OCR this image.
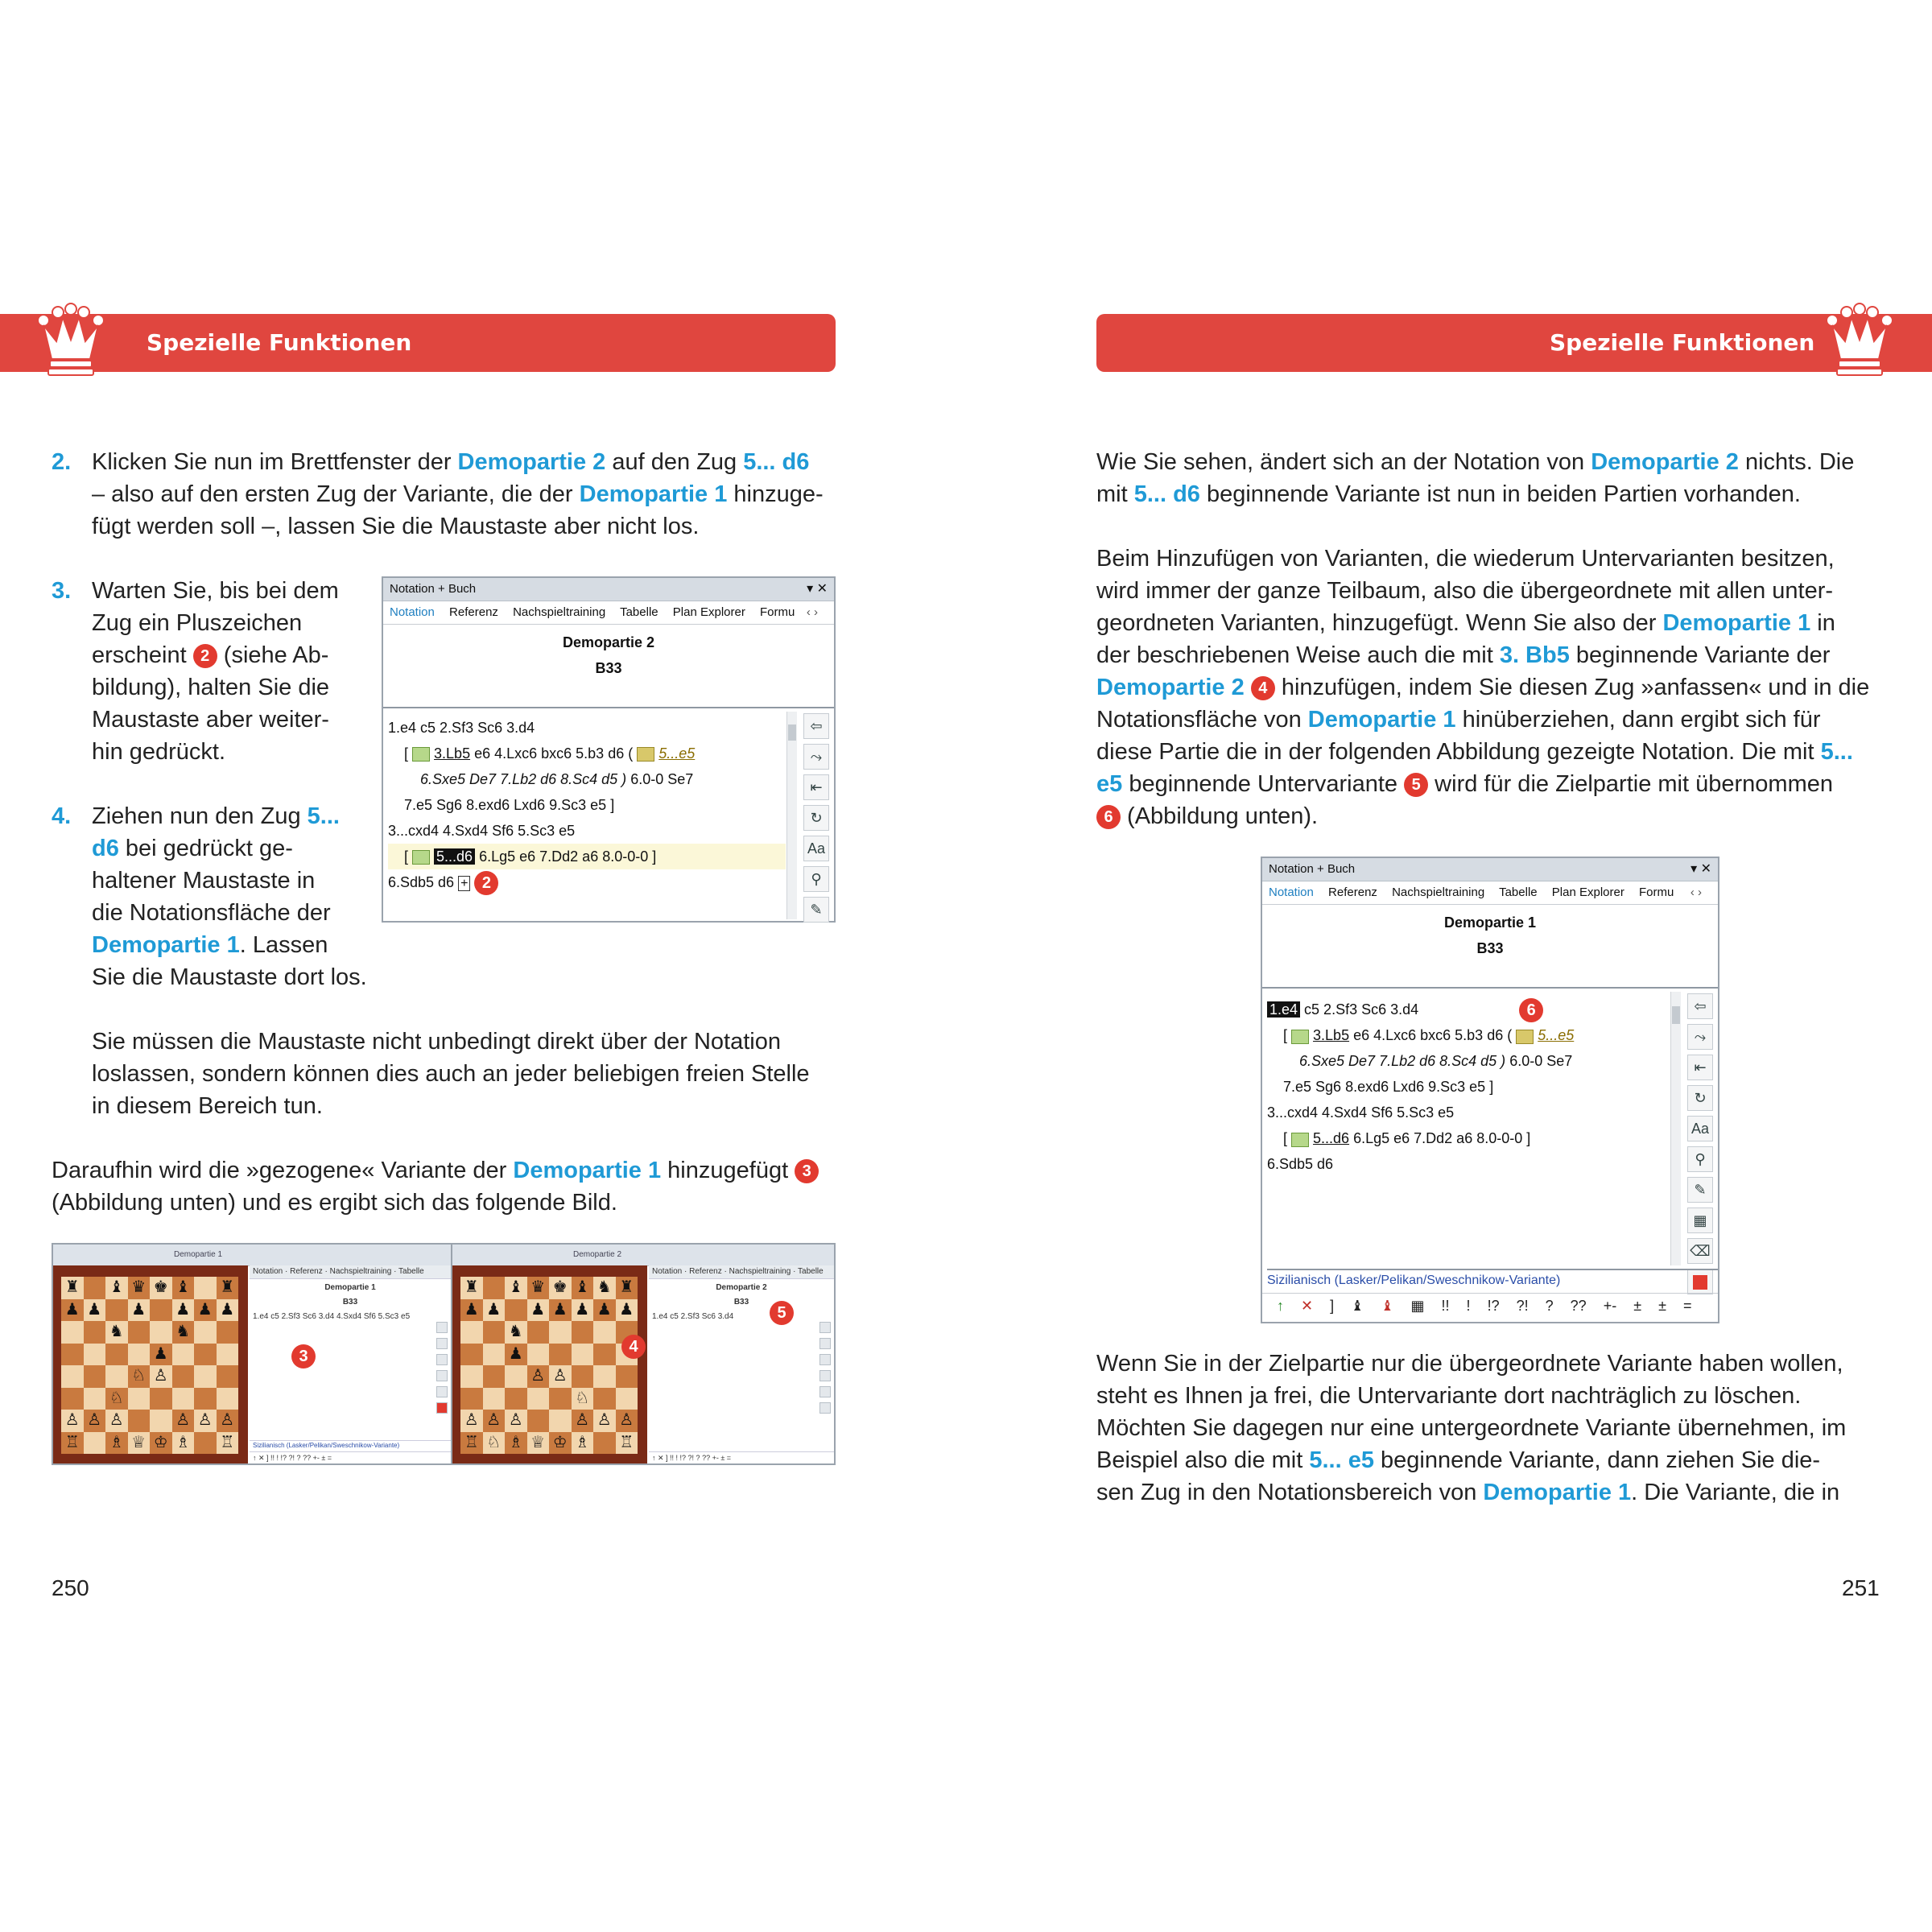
Spezielle Funktionen	Spezielle Funktionen
2. Klicken Sie nun im Brettfenster der Demopartie 2 auf den Zug 5... d6
– also auf den ersten Zug der Variante, die der Demopartie 1 hinzuge-
fügt werden soll –, lassen Sie die Maustaste aber nicht los.
3. Warten Sie, bis bei dem
Zug ein Pluszeichen
erscheint 2 (siehe Ab-
bildung), halten Sie die
Maustaste aber weiter-
hin gedrückt.
4. Ziehen nun den Zug 5...
d6 bei gedrückt ge-
haltener Maustaste in
die Notationsfläche der
Demopartie 1. Lassen
Sie die Maustaste dort los.
Sie müssen die Maustaste nicht unbedingt direkt über der Notation
loslassen, sondern können dies auch an jeder beliebigen freien Stelle
in diesem Bereich tun.
Daraufhin wird die »gezogene« Variante der Demopartie 1 hinzugefügt 3
(Abbildung unten) und es ergibt sich das folgende Bild.
Notation + Buch	▾ ✕
Notation Referenz Nachspieltraining Tabelle Plan Explorer Formu ‹ ›
Demopartie 2
B33
1.e4 c5 2.Sf3 Sc6 3.d4
[  3.Lb5 e6 4.Lxc6 bxc6 5.b3 d6 (  5...e5
6.Sxe5 De7 7.Lb2 d6 8.Sc4 d5 ) 6.0-0 Se7
7.e5 Sg6 8.exd6 Lxd6 9.Sc3 e5 ]
3...cxd4 4.Sxd4 Sf6 5.Sc3 e5
[  5...d6 6.Lg5 e6 7.Dd2 a6 8.0-0-0 ]
6.Sdb5 d6 + 2
⇦
⤳
⇤
↻
Aa
⚲
✎
Demopartie 1
♜ ♝ ♛ ♚ ♝ ♜
♟ ♟ ♟ ♟ ♟ ♟
♞	♞
♟
♘ ♙
♘
♙ ♙ ♙	♙ ♙ ♙
♖ ♗ ♕ ♔ ♗ ♖
Notation · Referenz · Nachspieltraining · Tabelle
Demopartie 1
B33
1.e4 c5 2.Sf3 Sc6 3.d4 4.Sxd4 Sf6 5.Sc3 e5
3
Sizilianisch (Lasker/Pelikan/Sweschnikow-Variante)
↑ ✕ ] !! ! !? ?! ? ?? +- ± =
Demopartie 2
♜ ♝ ♛ ♚ ♝ ♞ ♜
♟ ♟ ♟ ♟ ♟ ♟ ♟
♞
♟
♙ ♙
♘
♙ ♙ ♙	♙ ♙ ♙
♖ ♘ ♗ ♕ ♔ ♗ ♖
4
Notation · Referenz · Nachspieltraining · Tabelle
Demopartie 2
B33
5
1.e4 c5 2.Sf3 Sc6 3.d4
↑ ✕ ] !! ! !? ?! ? ?? +- ± =
250
Wie Sie sehen, ändert sich an der Notation von Demopartie 2 nichts. Die
mit 5... d6 beginnende Variante ist nun in beiden Partien vorhanden.
Beim Hinzufügen von Varianten, die wiederum Untervarianten besitzen,
wird immer der ganze Teilbaum, also die übergeordnete mit allen unter-
geordneten Varianten, hinzugefügt. Wenn Sie also der Demopartie 1 in
der beschriebenen Weise auch die mit 3. Bb5 beginnende Variante der
Demopartie 2 4 hinzufügen, indem Sie diesen Zug »anfassen« und in die
Notationsfläche von Demopartie 1 hinüberziehen, dann ergibt sich für
diese Partie die in der folgenden Abbildung gezeigte Notation. Die mit 5...
e5 beginnende Untervariante 5 wird für die Zielpartie mit übernommen
6 (Abbildung unten).
Notation + Buch	▾ ✕
Notation Referenz Nachspieltraining Tabelle Plan Explorer Formu ‹ ›
Demopartie 1
B33
1.e4 c5 2.Sf3 Sc6 3.d4	6
[  3.Lb5 e6 4.Lxc6 bxc6 5.b3 d6 (  5...e5
6.Sxe5 De7 7.Lb2 d6 8.Sc4 d5 ) 6.0-0 Se7
7.e5 Sg6 8.exd6 Lxd6 9.Sc3 e5 ]
3...cxd4 4.Sxd4 Sf6 5.Sc3 e5
[  5...d6 6.Lg5 e6 7.Dd2 a6 8.0-0-0 ]
6.Sdb5 d6
⇦
⤳
⇤
↻
Aa
⚲
✎
▦
⌫
Sizilianisch (Lasker/Pelikan/Sweschnikow-Variante)
↑ ✕ ] ♝ ♝ ▦ !! ! !? ?! ? ?? +- ± ± =
Wenn Sie in der Zielpartie nur die übergeordnete Variante haben wollen,
steht es Ihnen ja frei, die Untervariante dort nachträglich zu löschen.
Möchten Sie dagegen nur eine untergeordnete Variante übernehmen, im
Beispiel also die mit 5... e5 beginnende Variante, dann ziehen Sie die-
sen Zug in den Notationsbereich von Demopartie 1. Die Variante, die in
251
